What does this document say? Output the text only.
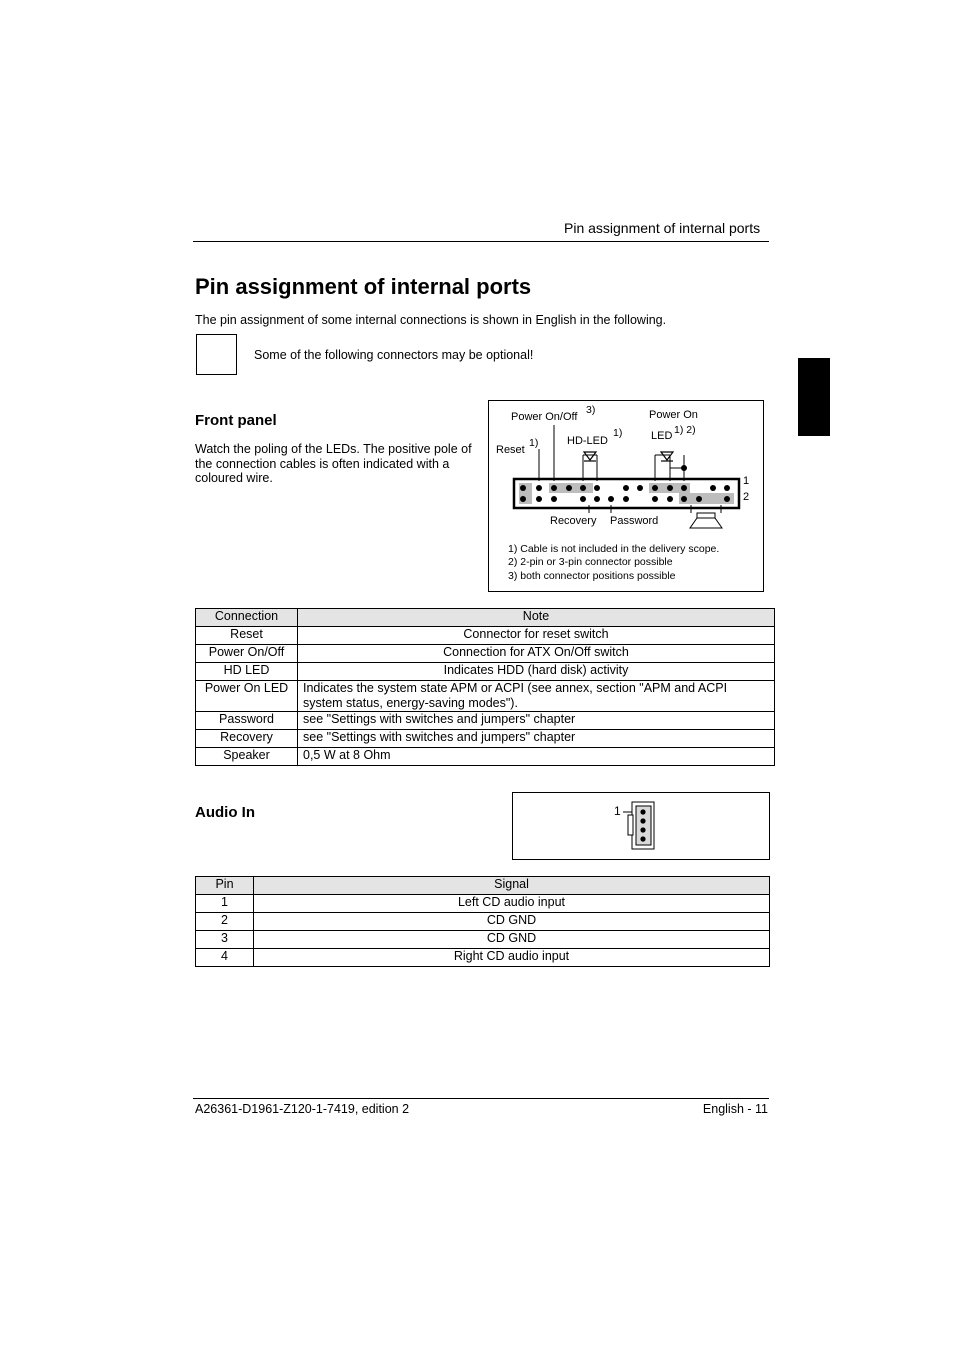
Pin assignment of internal ports
Pin assignment of internal ports
The pin assignment of some internal connections is shown in English in the following.
Some of the following connectors may be optional!
Front panel
Watch the poling of the LEDs. The positive pole of the connection cables is often indicated with a coloured wire.
Power On/Off
3)	Power On
LED 1) 2)
Reset
1)	HD-LED
1)
1
2
Recovery Password
1) Cable is not included in the delivery scope.
2) 2-pin or 3-pin connector possible
3) both connector positions possible
Connection	Note
Reset	Connector for reset switch
Power On/Off	Connection for ATX On/Off switch
HD LED	Indicates HDD (hard disk) activity
Power On LED	Indicates the system state APM or ACPI (see annex, section "APM and ACPI system status, energy-saving modes").
Password	see "Settings with switches and jumpers" chapter
Recovery	see "Settings with switches and jumpers" chapter
Speaker	0,5 W at 8 Ohm
Audio In	1
Pin	Signal
1	Left CD audio input
2	CD GND
3	CD GND
4	Right CD audio input
A26361-D1961-Z120-1-7419, edition 2	English - 11
